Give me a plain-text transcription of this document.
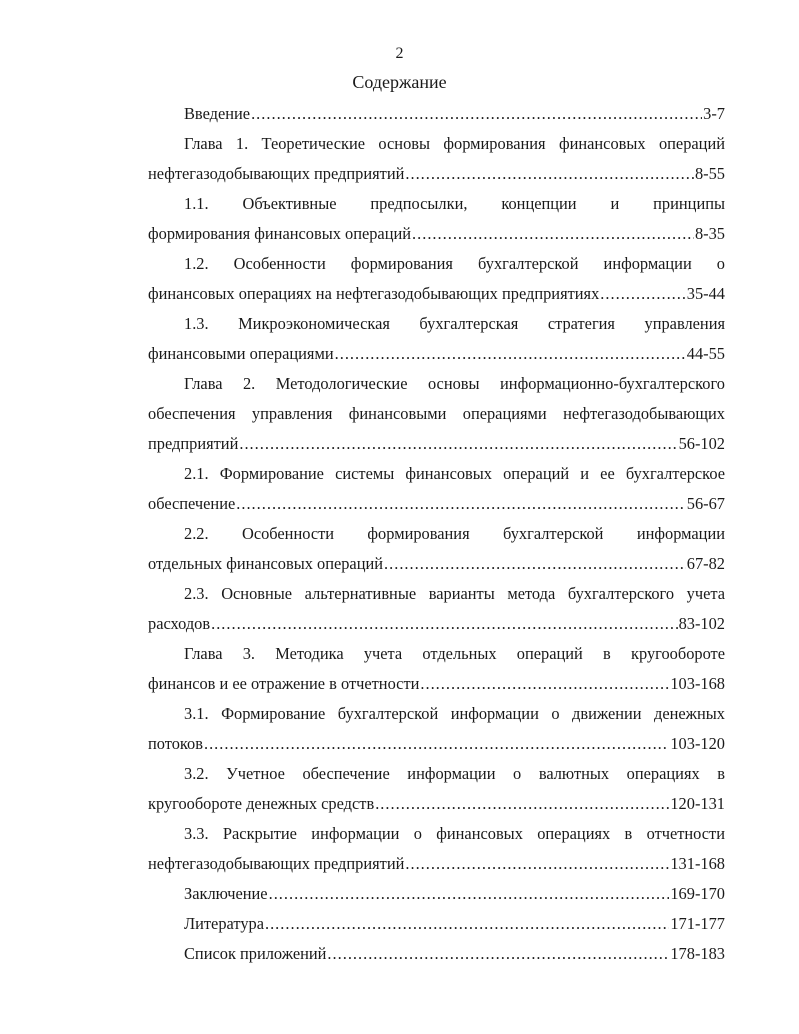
2
Содержание
Введение .....	3-7
Глава 1. Теоретические основы формирования финансовых операций
нефтегазодобывающих предприятий .....	8-55
1.1. Объективные предпосылки, концепции и принципы
формирования финансовых операций .....	8-35
1.2. Особенности формирования бухгалтерской информации о
финансовых операциях на нефтегазодобывающих предприятиях .....	35-44
1.3. Микроэкономическая бухгалтерская стратегия управления
финансовыми операциями .....	44-55
Глава 2. Методологические основы информационно-бухгалтерского
обеспечения управления финансовыми операциями нефтегазодобывающих
предприятий .....	56-102
2.1. Формирование системы финансовых операций и ее бухгалтерское
обеспечение .....	56-67
2.2. Особенности формирования бухгалтерской информации
отдельных финансовых операций .....	67-82
2.3. Основные альтернативные варианты метода бухгалтерского учета
расходов .....	83-102
Глава 3. Методика учета отдельных операций в кругообороте
финансов и ее отражение в отчетности .....	103-168
3.1. Формирование бухгалтерской информации о движении денежных
потоков .....	103-120
3.2. Учетное обеспечение информации о валютных операциях в
кругообороте денежных средств .....	120-131
3.3. Раскрытие информации о финансовых операциях в отчетности
нефтегазодобывающих предприятий .....	131-168
Заключение .....	169-170
Литература .....	171-177
Список приложений .....	178-183
